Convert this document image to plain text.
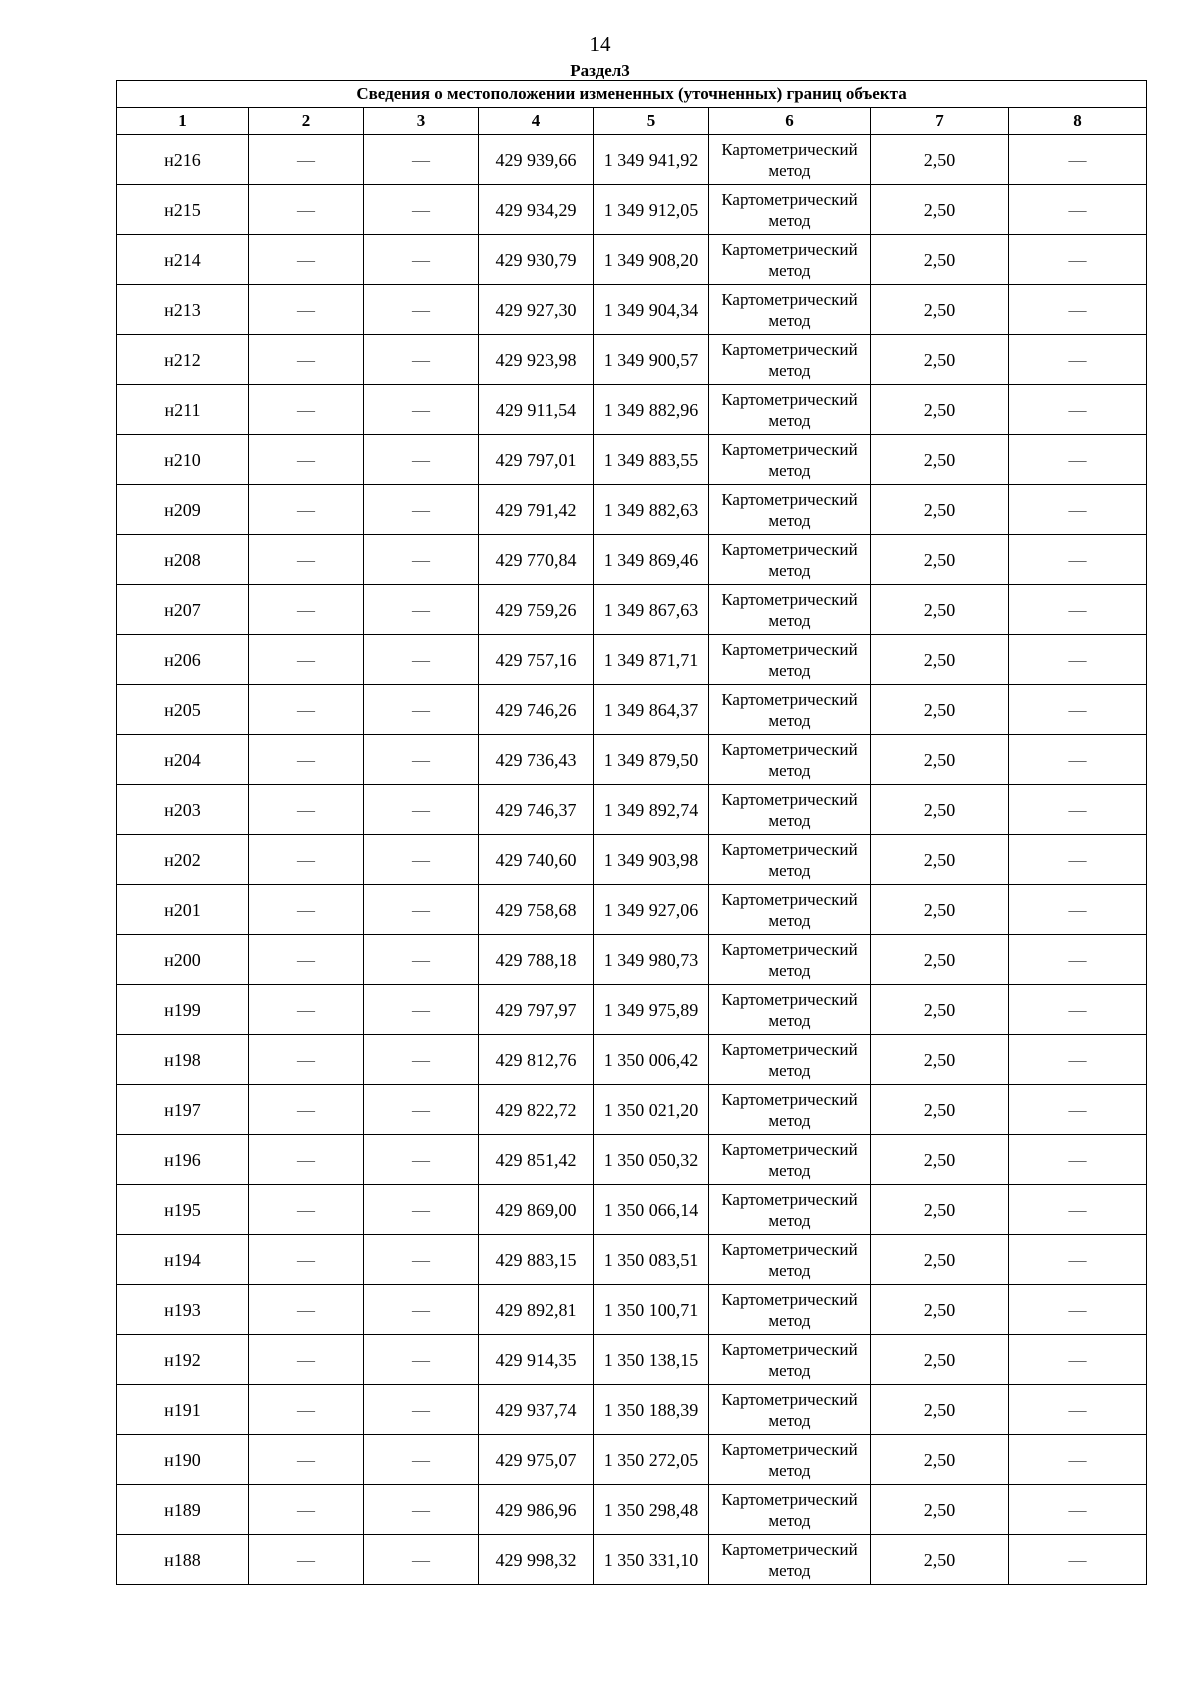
14
Раздел3
Сведения о местоположении измененных (уточненных) границ объекта							
1	2	3	4	5	6	7	8
н216	—	—	429 939,66	1 349 941,92	Картометрический метод	2,50	—
н215	—	—	429 934,29	1 349 912,05	Картометрический метод	2,50	—
н214	—	—	429 930,79	1 349 908,20	Картометрический метод	2,50	—
н213	—	—	429 927,30	1 349 904,34	Картометрический метод	2,50	—
н212	—	—	429 923,98	1 349 900,57	Картометрический метод	2,50	—
н211	—	—	429 911,54	1 349 882,96	Картометрический метод	2,50	—
н210	—	—	429 797,01	1 349 883,55	Картометрический метод	2,50	—
н209	—	—	429 791,42	1 349 882,63	Картометрический метод	2,50	—
н208	—	—	429 770,84	1 349 869,46	Картометрический метод	2,50	—
н207	—	—	429 759,26	1 349 867,63	Картометрический метод	2,50	—
н206	—	—	429 757,16	1 349 871,71	Картометрический метод	2,50	—
н205	—	—	429 746,26	1 349 864,37	Картометрический метод	2,50	—
н204	—	—	429 736,43	1 349 879,50	Картометрический метод	2,50	—
н203	—	—	429 746,37	1 349 892,74	Картометрический метод	2,50	—
н202	—	—	429 740,60	1 349 903,98	Картометрический метод	2,50	—
н201	—	—	429 758,68	1 349 927,06	Картометрический метод	2,50	—
н200	—	—	429 788,18	1 349 980,73	Картометрический метод	2,50	—
н199	—	—	429 797,97	1 349 975,89	Картометрический метод	2,50	—
н198	—	—	429 812,76	1 350 006,42	Картометрический метод	2,50	—
н197	—	—	429 822,72	1 350 021,20	Картометрический метод	2,50	—
н196	—	—	429 851,42	1 350 050,32	Картометрический метод	2,50	—
н195	—	—	429 869,00	1 350 066,14	Картометрический метод	2,50	—
н194	—	—	429 883,15	1 350 083,51	Картометрический метод	2,50	—
н193	—	—	429 892,81	1 350 100,71	Картометрический метод	2,50	—
н192	—	—	429 914,35	1 350 138,15	Картометрический метод	2,50	—
н191	—	—	429 937,74	1 350 188,39	Картометрический метод	2,50	—
н190	—	—	429 975,07	1 350 272,05	Картометрический метод	2,50	—
н189	—	—	429 986,96	1 350 298,48	Картометрический метод	2,50	—
н188	—	—	429 998,32	1 350 331,10	Картометрический метод	2,50	—
